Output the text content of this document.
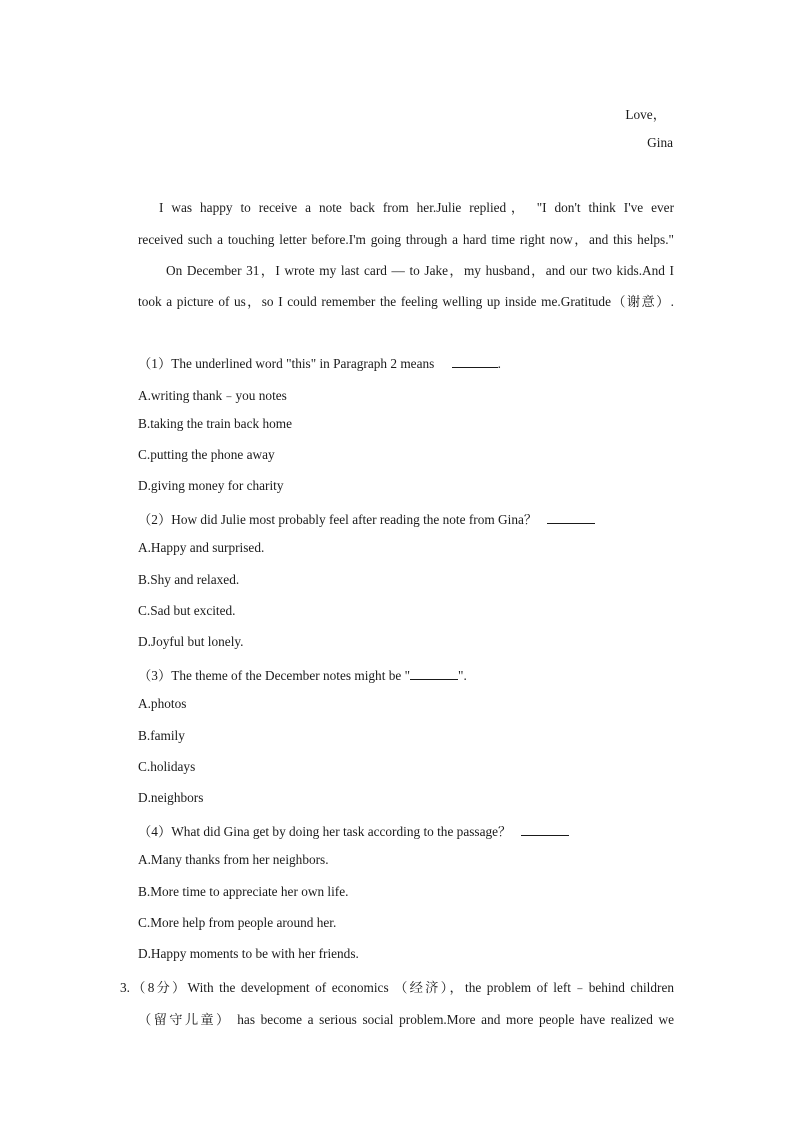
Love，
Gina
I was happy to receive a note back from her.Julie replied， "I don't think I've ever
received such a touching letter before.I'm going through a hard time right now，and this helps."
On December 31，I wrote my last card — to Jake，my husband，and our two kids.And I
took a picture of us，so I could remember the feeling welling up inside me.Gratitude（谢意）.
（1）The underlined word "this" in Paragraph 2 means	.
A.writing thank﹣you notes
B.taking the train back home
C.putting the phone away
D.giving money for charity
（2）How did Julie most probably feel after reading the note from Gina？
A.Happy and surprised.
B.Shy and relaxed.
C.Sad but excited.
D.Joyful but lonely.
（3）The theme of the December notes might be "	".
A.photos
B.family
C.holidays
D.neighbors
（4）What did Gina get by doing her task according to the passage？
A.Many thanks from her neighbors.
B.More time to appreciate her own life.
C.More help from people around her.
D.Happy moments to be with her friends.
3.（8分）With the development of economics （经济），the problem of left﹣behind children
（留守儿童） has become a serious social problem.More and more people have realized we
